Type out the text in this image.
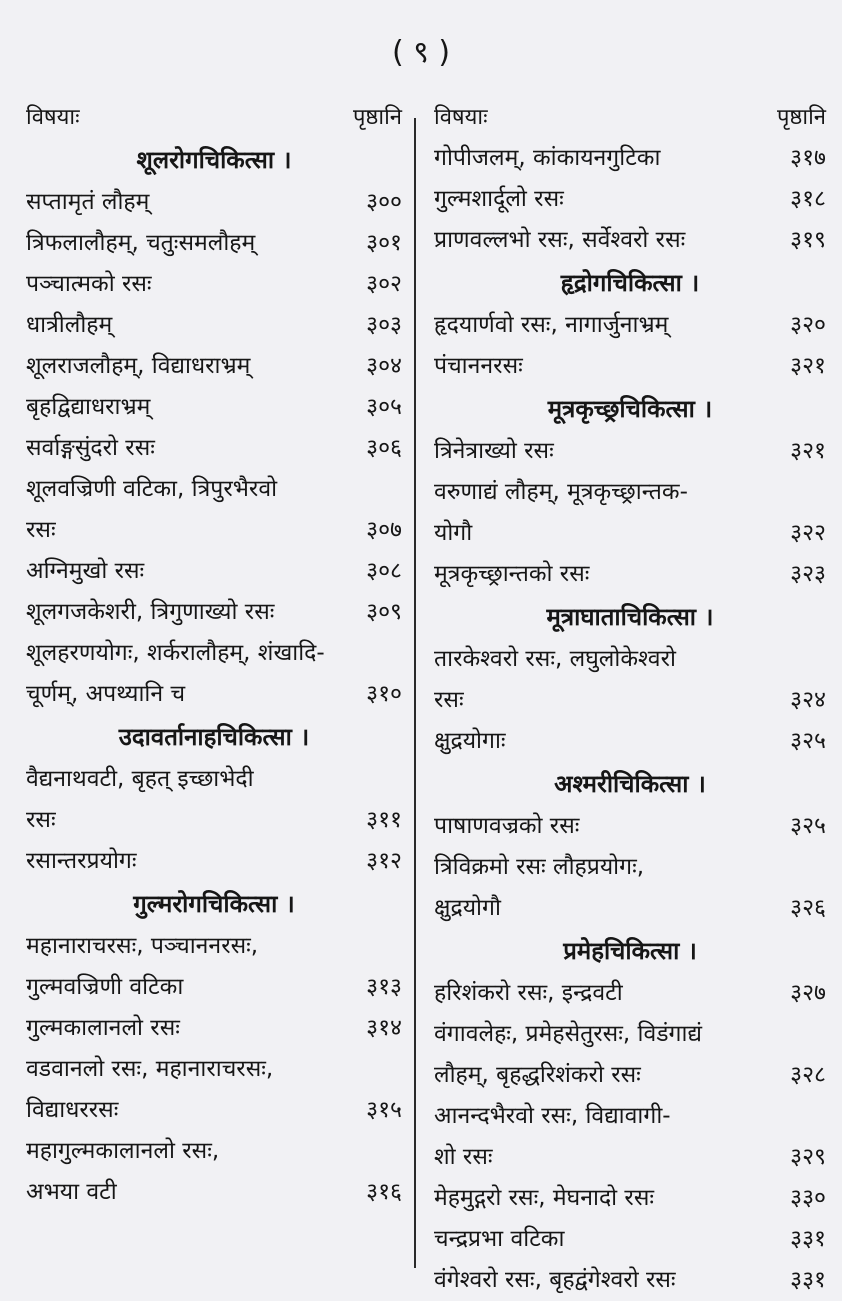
( ९ )
विषयाः	पृष्ठानि
शूलरोगचिकित्सा ।
सप्तामृतं लौहम्	३००
त्रिफलालौहम्, चतुःसमलौहम्	३०१
पञ्चात्मको रसः	३०२
धात्रीलौहम्	३०३
शूलराजलौहम्, विद्याधराभ्रम्	३०४
बृहद्विद्याधराभ्रम्	३०५
सर्वाङ्गसुंदरो रसः	३०६
शूलवज्रिणी वटिका, त्रिपुरभैरवो
रसः	३०७
अग्निमुखो रसः	३०८
शूलगजकेशरी, त्रिगुणाख्यो रसः	३०९
शूलहरणयोगः, शर्करालौहम्, शंखादि-
चूर्णम्, अपथ्यानि च	३१०
उदावर्तानाहचिकित्सा ।
वैद्यनाथवटी, बृहत् इच्छाभेदी
रसः	३११
रसान्तरप्रयोगः	३१२
गुल्मरोगचिकित्सा ।
महानाराचरसः, पञ्चाननरसः,
गुल्मवज्रिणी वटिका	३१३
गुल्मकालानलो रसः	३१४
वडवानलो रसः, महानाराचरसः,
विद्याधररसः	३१५
महागुल्मकालानलो रसः,
अभया वटी	३१६
विषयाः	पृष्ठानि
गोपीजलम्, कांकायनगुटिका	३१७
गुल्मशार्दूलो रसः	३१८
प्राणवल्लभो रसः, सर्वेश्वरो रसः	३१९
हृद्रोगचिकित्सा ।
हृदयार्णवो रसः, नागार्जुनाभ्रम्	३२०
पंचाननरसः	३२१
मूत्रकृच्छ्रचिकित्सा ।
त्रिनेत्राख्यो रसः	३२१
वरुणाद्यं लौहम्, मूत्रकृच्छ्रान्तक-
योगौ	३२२
मूत्रकृच्छ्रान्तको रसः	३२३
मूत्राघाताचिकित्सा ।
तारकेश्वरो रसः, लघुलोकेश्वरो
रसः	३२४
क्षुद्रयोगाः	३२५
अश्मरीचिकित्सा ।
पाषाणवज्रको रसः	३२५
त्रिविक्रमो रसः लौहप्रयोगः,
क्षुद्रयोगौ	३२६
प्रमेहचिकित्सा ।
हरिशंकरो रसः, इन्द्रवटी	३२७
वंगावलेहः, प्रमेहसेतुरसः, विडंगाद्यं
लौहम्, बृहद्धरिशंकरो रसः	३२८
आनन्दभैरवो रसः, विद्यावागी-
शो रसः	३२९
मेहमुद्गरो रसः, मेघनादो रसः	३३०
चन्द्रप्रभा वटिका	३३१
वंगेश्वरो रसः, बृहद्वंगेश्वरो रसः	३३१
